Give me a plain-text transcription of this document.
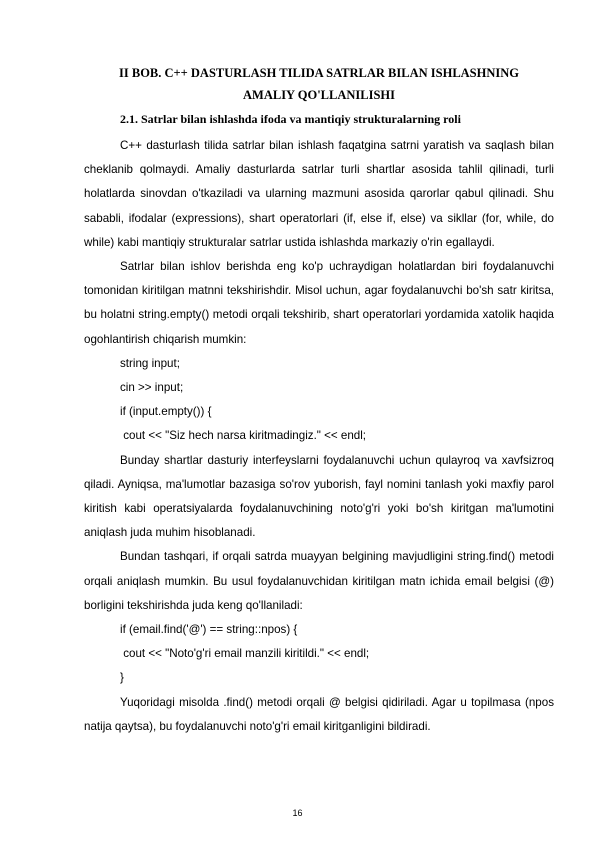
II BOB. C++ DASTURLASH TILIDA SATRLAR BILAN ISHLASHNING AMALIY QO'LLANILISHI
2.1. Satrlar bilan ishlashda ifoda va mantiqiy strukturalarning roli

C++ dasturlash tilida satrlar bilan ishlash faqatgina satrni yaratish va saqlash bilan cheklanib qolmaydi. Amaliy dasturlarda satrlar turli shartlar asosida tahlil qilinadi, turli holatlarda sinovdan o'tkaziladi va ularning mazmuni asosida qarorlar qabul qilinadi. Shu sababli, ifodalar (expressions), shart operatorlari (if, else if, else) va sikllar (for, while, do while) kabi mantiqiy strukturalar satrlar ustida ishlashda markaziy o'rin egallaydi.

Satrlar bilan ishlov berishda eng ko'p uchraydigan holatlardan biri foydalanuvchi tomonidan kiritilgan matnni tekshirishdir. Misol uchun, agar foydalanuvchi bo'sh satr kiritsa, bu holatni string.empty() metodi orqali tekshirib, shart operatorlari yordamida xatolik haqida ogohlantirish chiqarish mumkin:

string input;

cin >> input;

if (input.empty()) {

cout << "Siz hech narsa kiritmadingiz." << endl;

Bunday shartlar dasturiy interfeyslarni foydalanuvchi uchun qulayroq va xavfsizroq qiladi. Ayniqsa, ma'lumotlar bazasiga so'rov yuborish, fayl nomini tanlash yoki maxfiy parol kiritish kabi operatsiyalarda foydalanuvchining noto'g'ri yoki bo'sh kiritgan ma'lumotini aniqlash juda muhim hisoblanadi.

Bundan tashqari, if orqali satrda muayyan belgining mavjudligini string.find() metodi orqali aniqlash mumkin. Bu usul foydalanuvchidan kiritilgan matn ichida email belgisi (@) borligini tekshirishda juda keng qo'llaniladi:

if (email.find('@') == string::npos) {

cout << "Noto'g'ri email manzili kiritildi." << endl;

}

Yuqoridagi misolda .find() metodi orqali @ belgisi qidiriladi. Agar u topilmasa (npos natija qaytsa), bu foydalanuvchi noto'g'ri email kiritganligini bildiradi.

16
